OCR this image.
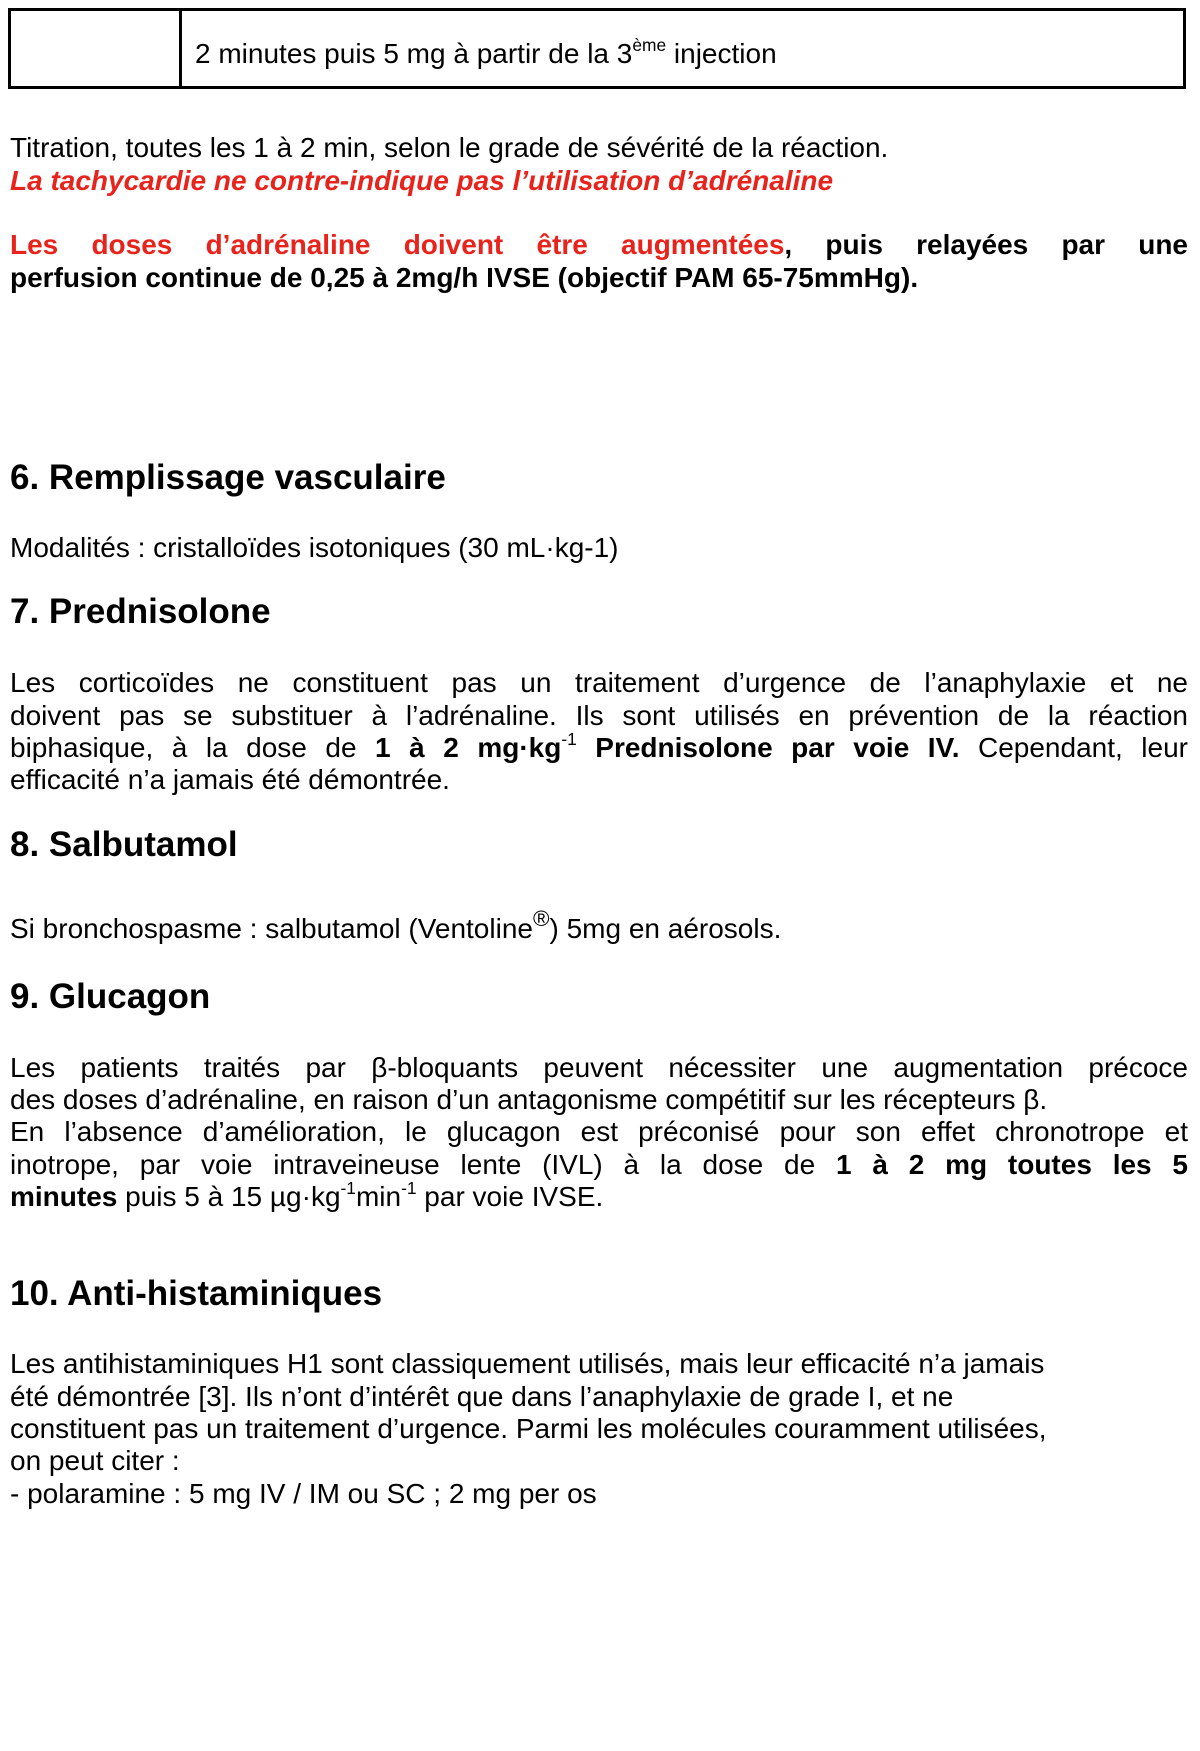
2 minutes puis 5 mg à partir de la 3ème injection

Titration, toutes les 1 à 2 min, selon le grade de sévérité de la réaction.

La tachycardie ne contre-indique pas l’utilisation d’adrénaline

Les doses d’adrénaline doivent être augmentées, puis relayées par une

perfusion continue de 0,25 à 2mg/h IVSE (objectif PAM 65-75mmHg).

6. Remplissage vasculaire

Modalités : cristalloïdes isotoniques (30 mL·kg-1)

7. Prednisolone

Les corticoïdes ne constituent pas un traitement d’urgence de l’anaphylaxie et ne

doivent pas se substituer à l’adrénaline. Ils sont utilisés en prévention de la réaction

biphasique, à la dose de 1 à 2 $mg\cdot kg^{-1}$ Prednisolone par voie IV. Cependant, leur

efficacité n’a jamais été démontrée.

8. Salbutamol

Si bronchospasme : salbutamol (Ventoline®) 5mg en aérosols.

9. Glucagon

Les patients traités par β-bloquants peuvent nécessiter une augmentation précoce

des doses d’adrénaline, en raison d’un antagonisme compétitif sur les récepteurs β.

En l’absence d’amélioration, le glucagon est préconisé pour son effet chronotrope et

inotrope, par voie intraveineuse lente (IVL) à la dose de 1 à 2 mg toutes les 5

minutes puis 5 à 15 $\mu g\cdot kg^{-1}\min^{-1}$ par voie IVSE.

10. Anti-histaminiques

Les antihistaminiques H1 sont classiquement utilisés, mais leur efficacité n’a jamais

été démontrée [3]. Ils n’ont d’intérêt que dans l’anaphylaxie de grade I, et ne

constituent pas un traitement d’urgence. Parmi les molécules couramment utilisées,

on peut citer :

- polaramine : 5 mg IV / IM ou SC ; 2 mg per os
